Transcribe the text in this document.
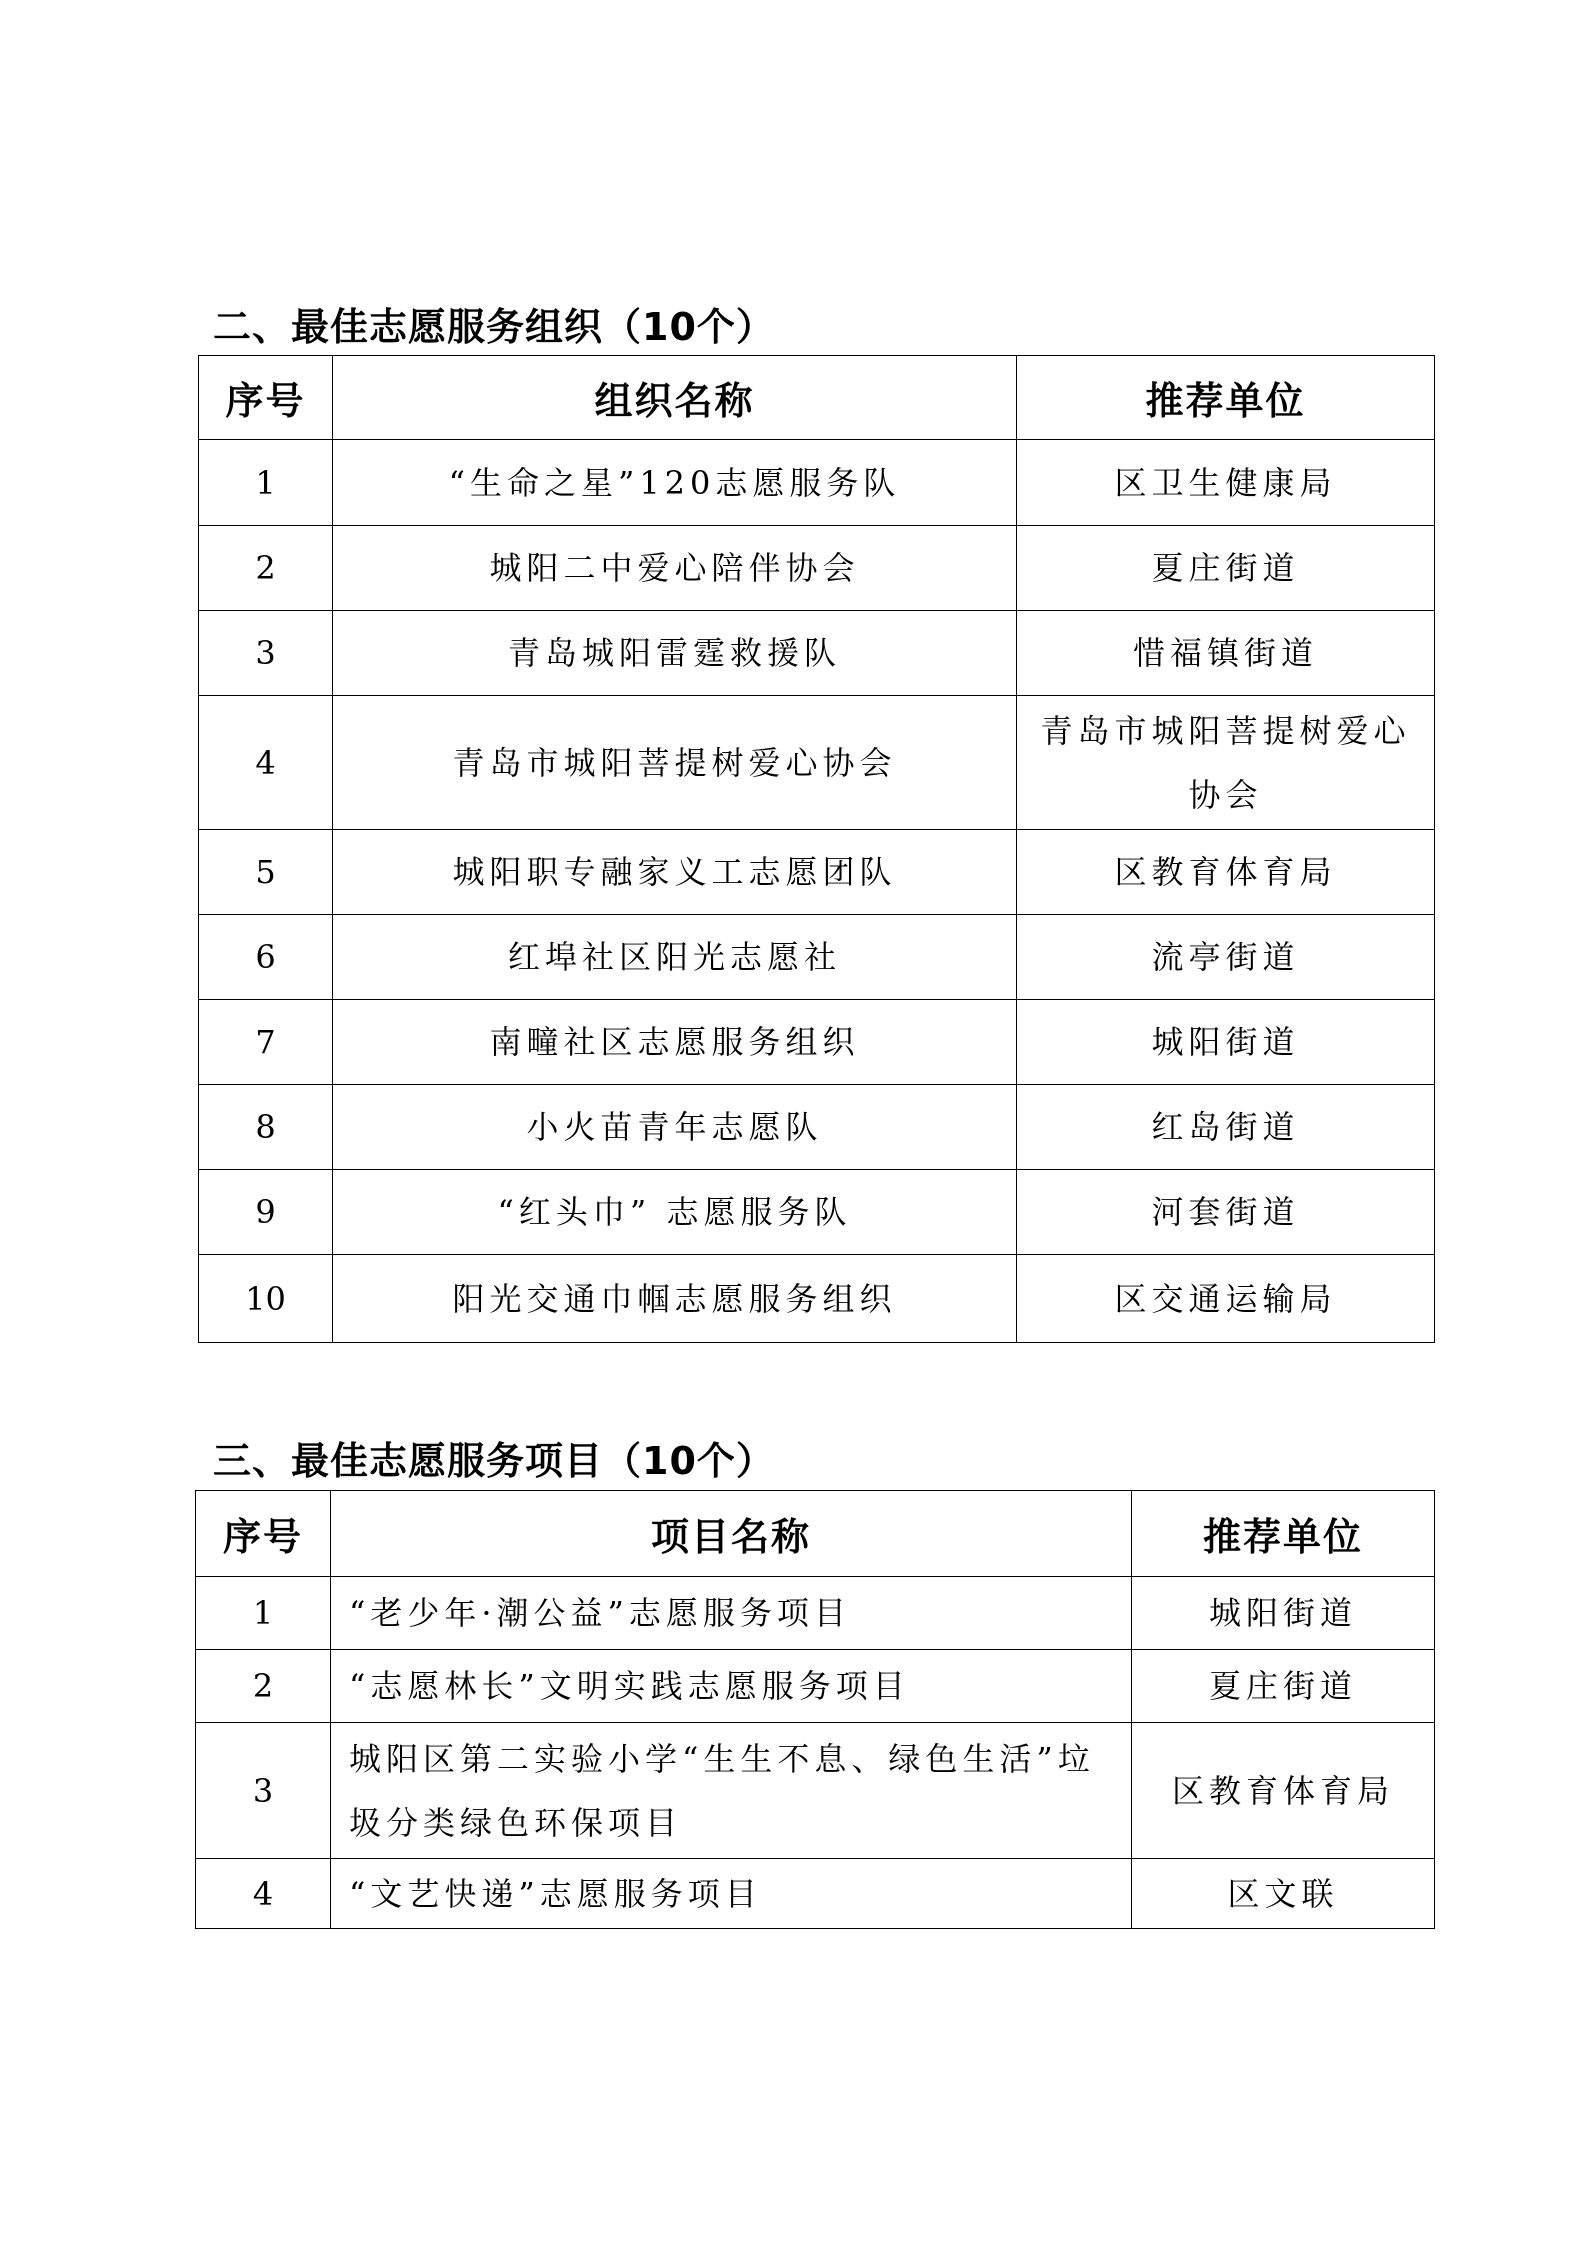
二、最佳志愿服务组织（10个）
序号	组织名称	推荐单位
1	“生命之星”120志愿服务队	区卫生健康局
2	城阳二中爱心陪伴协会	夏庄街道
3	青岛城阳雷霆救援队	惜福镇街道
4	青岛市城阳菩提树爱心协会	青岛市城阳菩提树爱心协会
5	城阳职专融家义工志愿团队	区教育体育局
6	红埠社区阳光志愿社	流亭街道
7	南疃社区志愿服务组织	城阳街道
8	小火苗青年志愿队	红岛街道
9	“红头巾” 志愿服务队	河套街道
10	阳光交通巾帼志愿服务组织	区交通运输局
三、最佳志愿服务项目（10个）
序号	项目名称	推荐单位
1	“老少年·潮公益”志愿服务项目	城阳街道
2	“志愿林长”文明实践志愿服务项目	夏庄街道
3	城阳区第二实验小学“生生不息、绿色生活”垃圾分类绿色环保项目	区教育体育局
4	“文艺快递”志愿服务项目	区文联
